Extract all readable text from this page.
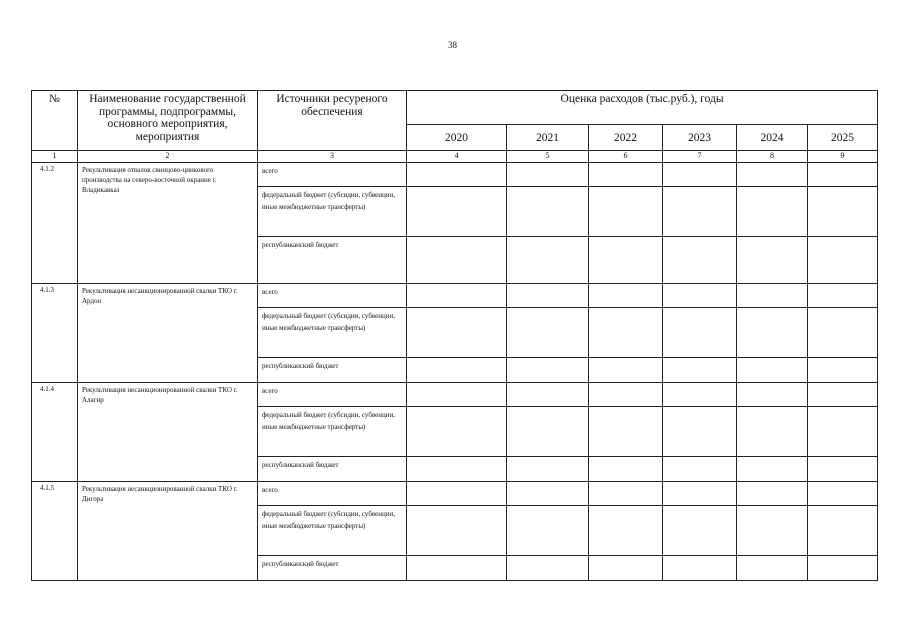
38
№	Наименование государственной программы, подпрограммы, основного мероприятия, мероприятия	Источники ресуреного обеспечения	Оценка расходов (тыс.руб.), годы					
			2020	2021	2022	2023	2024	2025
1	2	3	4	5	6	7	8	9
4.1.2	Рекультивация отвалов свинцово-цинкового производства на северо-восточной окраине г. Владикавказ	всего						
		федеральный бюджет (субсидии, субвенции, иные межбюджетные трансферты)						
		республиканский бюджет						
4.1.3	Рекультивация несанкционированной свалки ТКО г. Ардон	всего						
		федеральный бюджет (субсидии, субвенции, иные межбюджетные трансферты)						
		республиканский бюджет						
4.1.4	Рекультивация несанкционированной свалки ТКО г. Алагир	всего						
		федеральный бюджет (субсидии, субвенции, иные межбюджетные трансферты)						
		республиканский бюджет						
4.1.5	Рекультивация несанкционированной свалки ТКО г. Дигора	всего						
		федеральный бюджет (субсидии, субвенции, иные межбюджетные трансферты)						
		республиканский бюджет						
